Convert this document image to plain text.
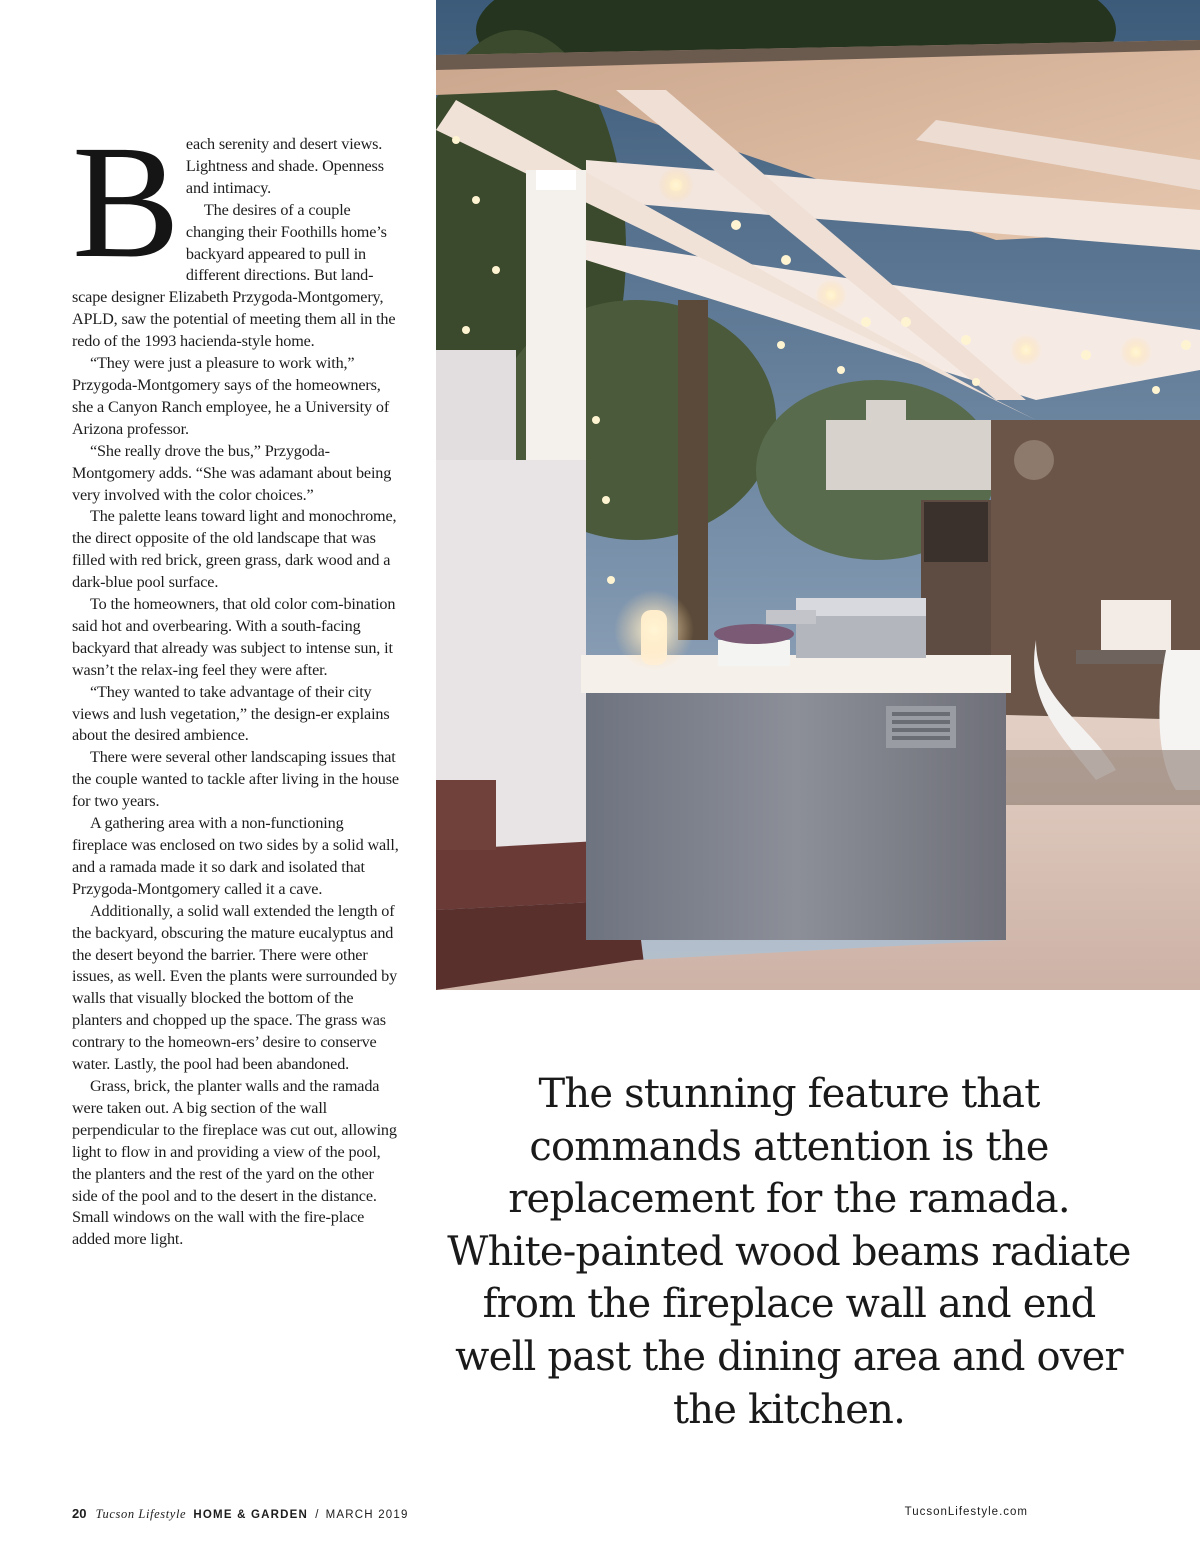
B each serenity and desert views. Lightness and shade. Openness and intimacy.

The desires of a couple changing their Foothills home’s backyard appeared to pull in different directions. But land-scape designer Elizabeth Przygoda-Montgomery, APLD, saw the potential of meeting them all in the redo of the 1993 hacienda-style home.

“They were just a pleasure to work with,” Przygoda-Montgomery says of the homeowners, she a Canyon Ranch employee, he a University of Arizona professor.

“She really drove the bus,” Przygoda-Montgomery adds. “She was adamant about being very involved with the color choices.”

The palette leans toward light and monochrome, the direct opposite of the old landscape that was filled with red brick, green grass, dark wood and a dark-blue pool surface.

To the homeowners, that old color com-bination said hot and overbearing. With a south-facing backyard that already was subject to intense sun, it wasn’t the relax-ing feel they were after.

“They wanted to take advantage of their city views and lush vegetation,” the design-er explains about the desired ambience.

There were several other landscaping issues that the couple wanted to tackle after living in the house for two years.

A gathering area with a non-functioning fireplace was enclosed on two sides by a solid wall, and a ramada made it so dark and isolated that Przygoda-Montgomery called it a cave.

Additionally, a solid wall extended the length of the backyard, obscuring the mature eucalyptus and the desert beyond the barrier. There were other issues, as well. Even the plants were surrounded by walls that visually blocked the bottom of the planters and chopped up the space. The grass was contrary to the homeown-ers’ desire to conserve water. Lastly, the pool had been abandoned.

Grass, brick, the planter walls and the ramada were taken out. A big section of the wall perpendicular to the fireplace was cut out, allowing light to flow in and providing a view of the pool, the planters and the rest of the yard on the other side of the pool and to the desert in the distance. Small windows on the wall with the fire-place added more light.

The stunning feature that commands attention is the replacement for the ramada. White-painted wood beams radiate from the fireplace wall and end well past the dining area and over the kitchen.
20 Tucson Lifestyle HOME & GARDEN / MARCH 2019	TucsonLifestyle.com
